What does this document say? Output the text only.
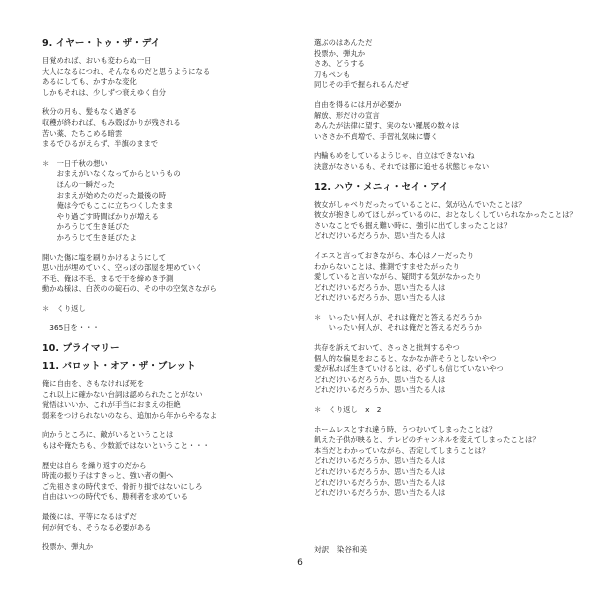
9. イヤー・トゥ・ザ・デイ
目覚めれば、おいも変わらぬ一日
大人になるにつれ、そんなものだと思うようになる
あるにしても、かすかな変化
しかもそれは、少しずつ衰えゆく自分
秋分の月も、髪もなく過ぎる
収穫が終われば、もみ殻ばかりが残される
苦い薬、たちこめる暗雲
まるでひるがえらず、半旗のままで
＊　一日千秋の想い
　　おまえがいなくなってからというもの
　　ほんの一瞬だった
　　おまえが始めたのだった最後の時
　　俺は今でもここに立ちつくしたまま
　　やり過ごす時間ばかりが増える
　　かろうじて生き延びた
　　かろうじて生き延びたよ
開いた傷に塩を刷りかけるようにして
思い出が埋めていく、空っぽの部屋を埋めていく
不毛、俺は不毛、まるで干を締めき予測
動かぬ様は、白茨のの碇石の、その中の空気さながら
＊　くり返し
　365日を・・・
10. プライマリー
11. バロット・オア・ザ・ブレット
俺に自由を、さもなければ死を
これ以上に確かない台詞は認められたことがない
覚悟はいいか、これが手当におまえの拒絶
弱来をつけられないのなら、追加から年からやるなよ
向かうところに、敵がいるということは
もはや俺たちも、少数派ではないということ・・・
歴史は自ら を繰り返すのだから
時流の振り子はすきっと、強い者の側へ
ご先祖さまの時代まで、骨折り損ではないにしろ
自由はいつの時代でも、勝利者を求めている
最後には、平等になるはずだ
何が何でも、そうなる必要がある
投票か、弾丸か
選ぶのはあんただ
投票か、弾丸か
さあ、どうする
刀もペンも
同じその手で握られるんだぜ
自由を得るには月が必要か
解放、形だけの宣言
あんたが法律に望す、実のない羅展の数々は
いささか不貞増で、手習礼気味に響く
内輪もめをしているようじゃ、自立はできないね
決意がなさいるも、それでは都に追せる状態じゃない
12. ハウ・メニィ・セイ・アイ
彼女がしゃべりだったっていることに、気が込んでいたことは？
彼女が抱きしめてほしがっているのに、おとなしくしていられなかったことは？
さいなことでも掘え難い時に、強引に出てしまったことは？
どれだけいるだろうか、思い当たる人は
イエスと言っておきながら、本心はノーだったり
わからないことは、推測ですませたがったり
愛していると言いながら、疑問する気がなかったり
どれだけいるだろうか、思い当たる人は
どれだけいるだろうか、思い当たる人は
＊　いったい何人が、それは俺だと答えるだろうか
　　いったい何人が、それは俺だと答えるだろうか
共存を訴えておいて、さっさと批判するやつ
個人的な偏見をおこると、なかなか許そうとしないやつ
愛が私れば生きていけるとは、必ずしも信じていないやつ
どれだけいるだろうか、思い当たる人は
どれだけいるだろうか、思い当たる人は
＊　くり返し　x　2
ホームレスとすれ違う時、うつむいてしまったことは？
飢えた子供が映ると、テレビのチャンネルを変えてしまったことは？
本当だとわかっていながら、否定してしまうことは？
どれだけいるだろうか、思い当たる人は
どれだけいるだろうか、思い当たる人は
どれだけいるだろうか、思い当たる人は
どれだけいるだろうか、思い当たる人は
対訳　染谷和美
6
